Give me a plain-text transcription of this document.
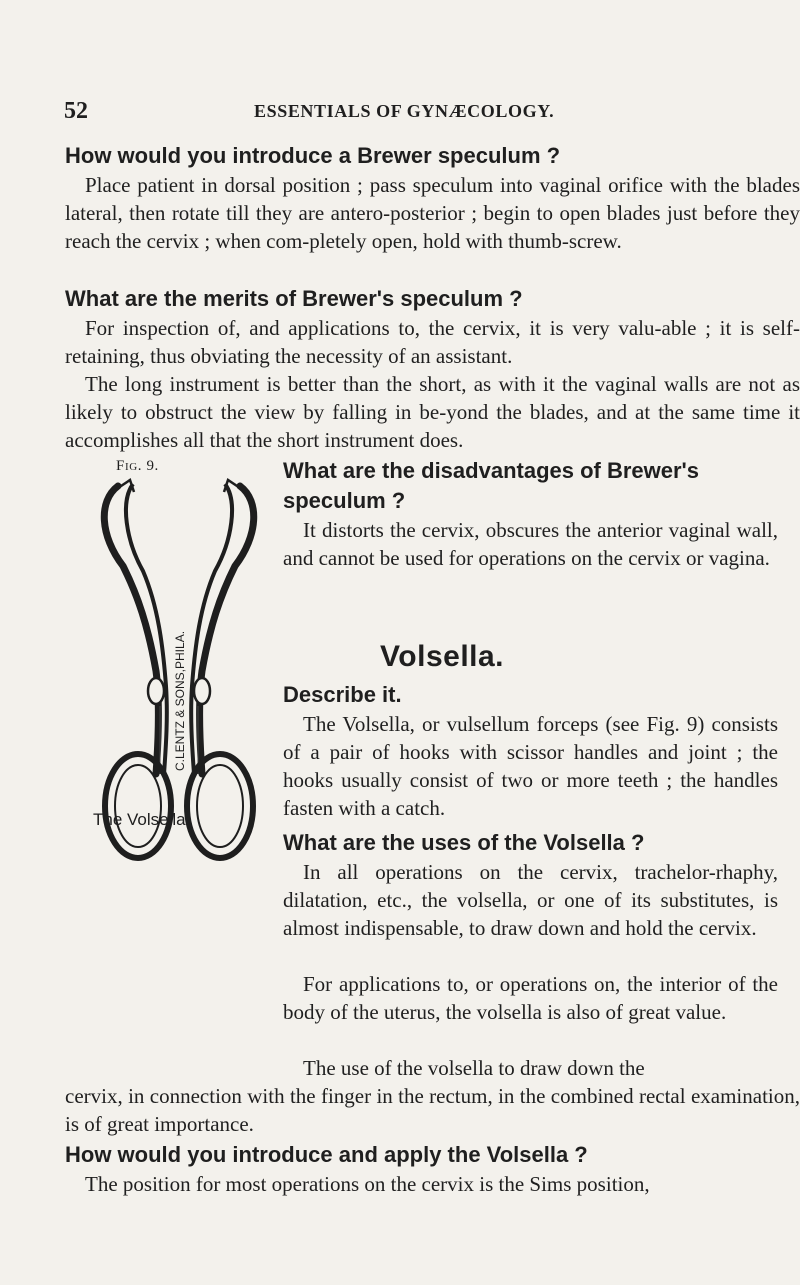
52	ESSENTIALS OF GYNÆCOLOGY.
How would you introduce a Brewer speculum ?

Place patient in dorsal position ; pass speculum into vaginal orifice with the blades lateral, then rotate till they are antero-posterior ; begin to open blades just before they reach the cervix ; when com-pletely open, hold with thumb-screw.

What are the merits of Brewer's speculum ?

For inspection of, and applications to, the cervix, it is very valu-able ; it is self-retaining, thus obviating the necessity of an assistant.

The long instrument is better than the short, as with it the vaginal walls are not as likely to obstruct the view by falling in be-yond the blades, and at the same time it accomplishes all that the short instrument does.

Fig. 9.
C.LENTZ & SONS,PHILA.
The Volsella.
What are the disadvantages of Brewer's speculum ?

It distorts the cervix, obscures the anterior vaginal wall, and cannot be used for operations on the cervix or vagina.

Volsella.
Describe it.

The Volsella, or vulsellum forceps (see Fig. 9) consists of a pair of hooks with scissor handles and joint ; the hooks usually consist of two or more teeth ; the handles fasten with a catch.

What are the uses of the Volsella ?

In all operations on the cervix, trachelor-rhaphy, dilatation, etc., the volsella, or one of its substitutes, is almost indispensable, to draw down and hold the cervix.

For applications to, or operations on, the interior of the body of the uterus, the volsella is also of great value.

The use of the volsella to draw down the

cervix, in connection with the finger in the rectum, in the combined rectal examination, is of great importance.

How would you introduce and apply the Volsella ?

The position for most operations on the cervix is the Sims position,
